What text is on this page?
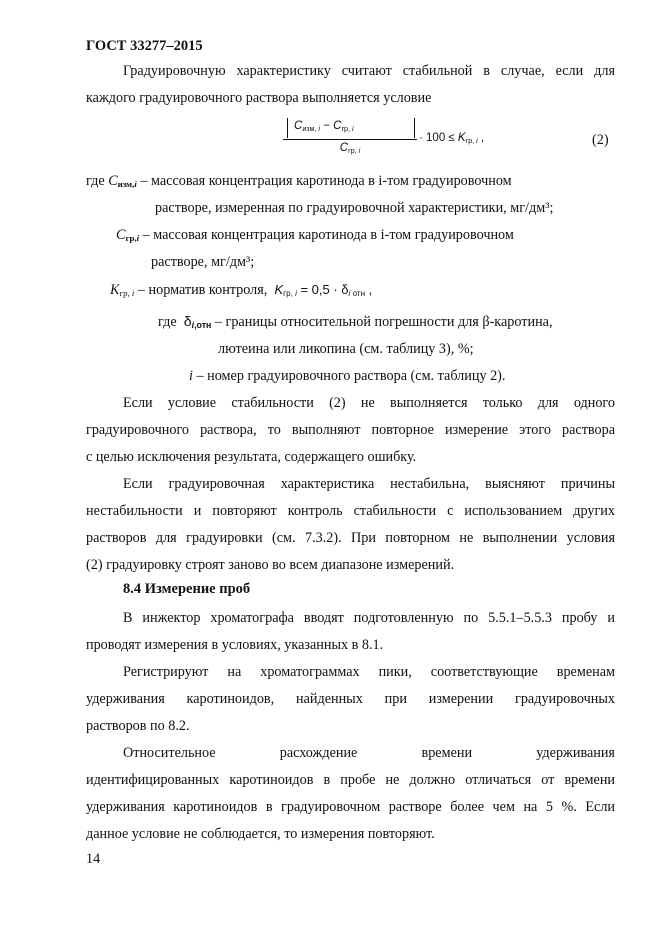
ГОСТ 33277–2015
Градуировочную характеристику считают стабильной в случае, если для
каждого градуировочного раствора выполняется условие
$C_{изм, i} - C_{гр, i}$
$C_{гр, i}$
· $100 \le K_{гр, i}$ ,	(2)
где $C_{изм,i}$ – массовая концентрация каротинода в i-том градуировочном
растворе, измеренная по градуировочной характеристики, мг/дм³;
$C_{гр,i}$ – массовая концентрация каротинода в i-том градуировочном
растворе, мг/дм³;
$K_{гр, i}$ – норматив контроля, $K_{гр, i} = 0,5 \cdot \delta_{i отн}$ ,
где $\delta_{i,отн}$ – границы относительной погрешности для β-каротина,
лютеина или ликопина (см. таблицу 3), %;
i – номер градуировочного раствора (см. таблицу 2).
Если условие стабильности (2) не выполняется только для одного
градуировочного раствора, то выполняют повторное измерение этого раствора
с целью исключения результата, содержащего ошибку.
Если градуировочная характеристика нестабильна, выясняют причины
нестабильности и повторяют контроль стабильности с использованием других
растворов для градуировки (см. 7.3.2). При повторном не выполнении условия
(2) градуировку строят заново во всем диапазоне измерений.
8.4 Измерение проб
В инжектор хроматографа вводят подготовленную по 5.5.1–5.5.3 пробу и
проводят измерения в условиях, указанных в 8.1.
Регистрируют на хроматограммах пики, соответствующие временам
удерживания каротиноидов, найденных при измерении градуировочных
растворов по 8.2.
Относительное	расхождение	времени	удерживания
идентифицированных каротиноидов в пробе не должно отличаться от времени
удерживания каротиноидов в градуировочном растворе более чем на 5 %. Если
данное условие не соблюдается, то измерения повторяют.
14
